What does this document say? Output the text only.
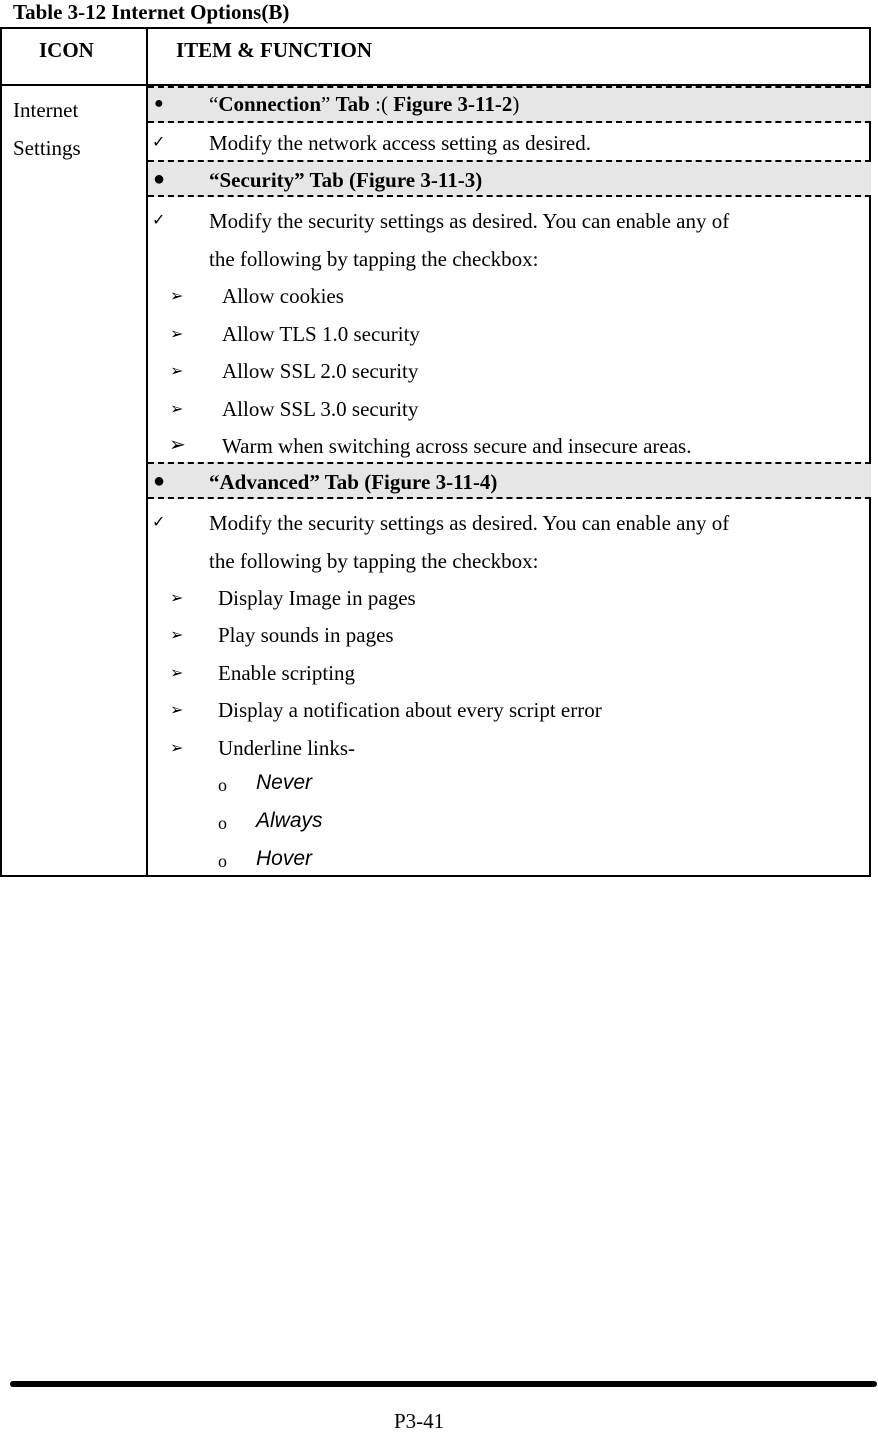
Table 3-12 Internet Options(B)
ICON	ITEM & FUNCTION
Internet
Settings
● “Connection” Tab :( Figure 3-11-2)
✓ Modify the network access setting as desired.
● “Security” Tab (Figure 3-11-3)
✓ Modify the security settings as desired. You can enable any of
the following by tapping the checkbox:
➢ Allow cookies
➢ Allow TLS 1.0 security
➢ Allow SSL 2.0 security
➢ Allow SSL 3.0 security
➢ Warm when switching across secure and insecure areas.
● “Advanced” Tab (Figure 3-11-4)
✓ Modify the security settings as desired. You can enable any of
the following by tapping the checkbox:
➢ Display Image in pages
➢ Play sounds in pages
➢ Enable scripting
➢ Display a notification about every script error
➢ Underline links-
o Never
o Always
o Hover
P3-41
